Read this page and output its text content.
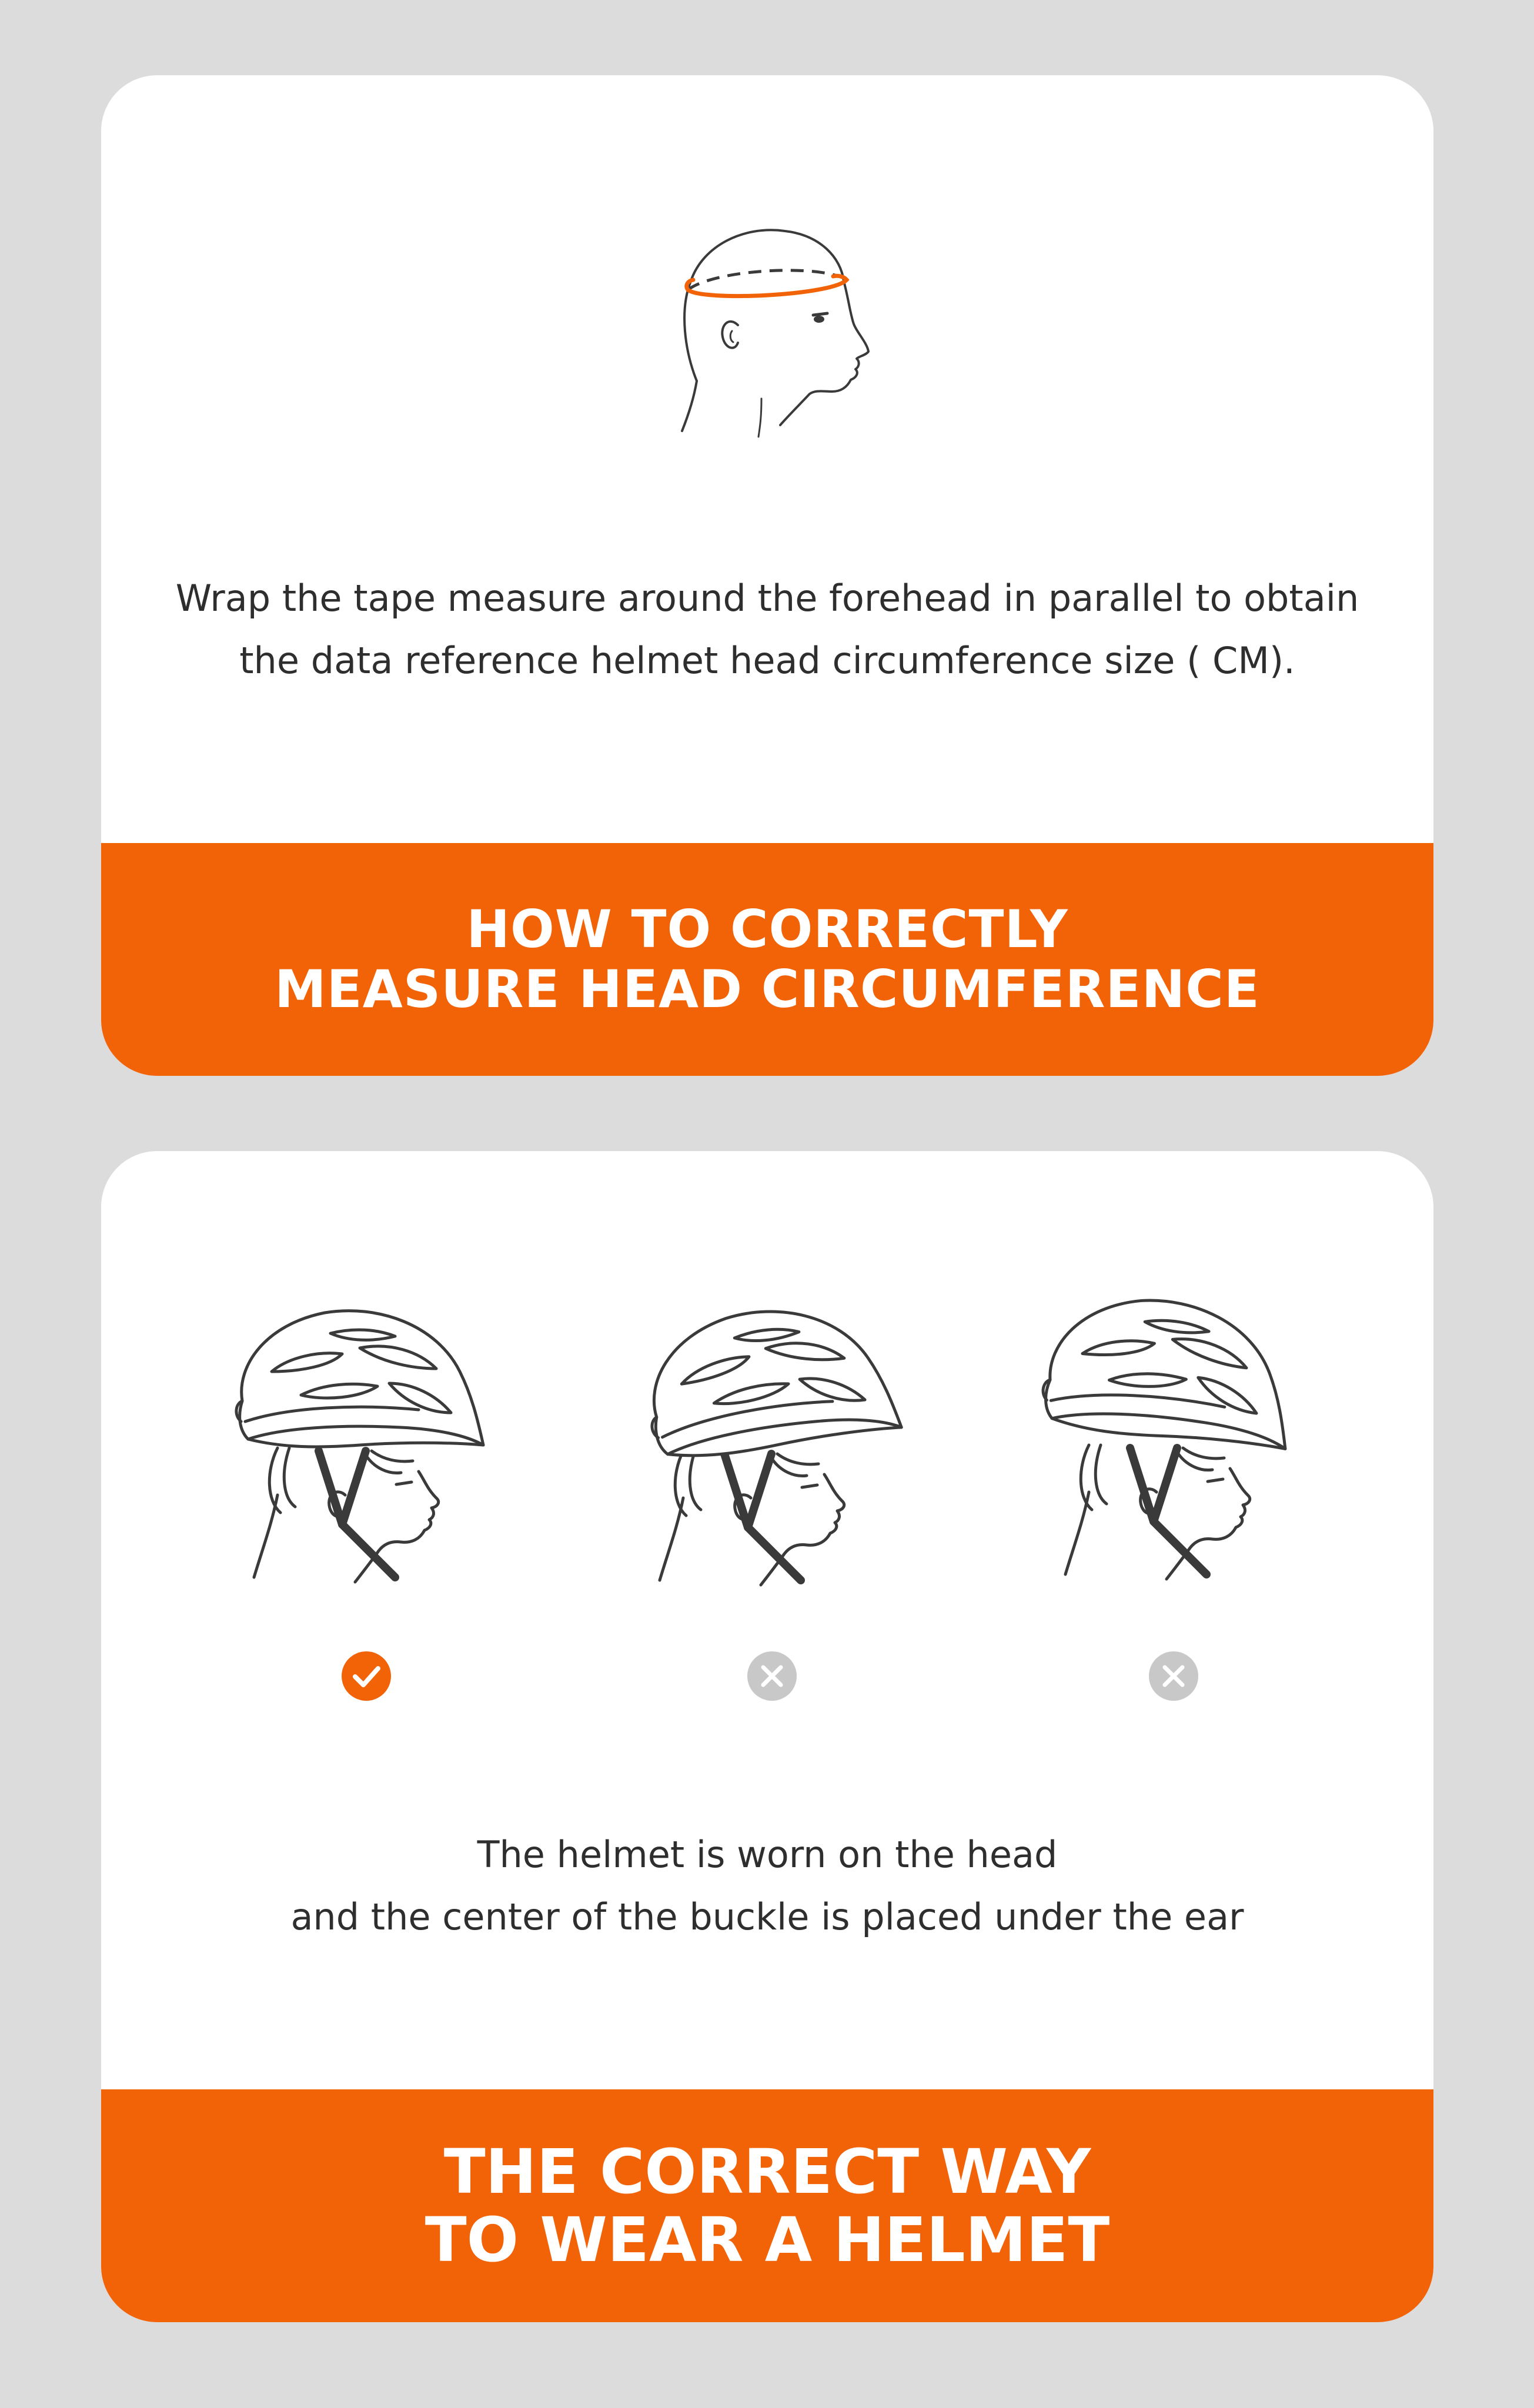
Wrap the tape measure around the forehead in parallel to obtain
the data reference helmet head circumference size ( CM).
HOW TO CORRECTLY
MEASURE HEAD CIRCUMFERENCE
The helmet is worn on the head
and the center of the buckle is placed under the ear
THE CORRECT WAY
TO WEAR A HELMET
